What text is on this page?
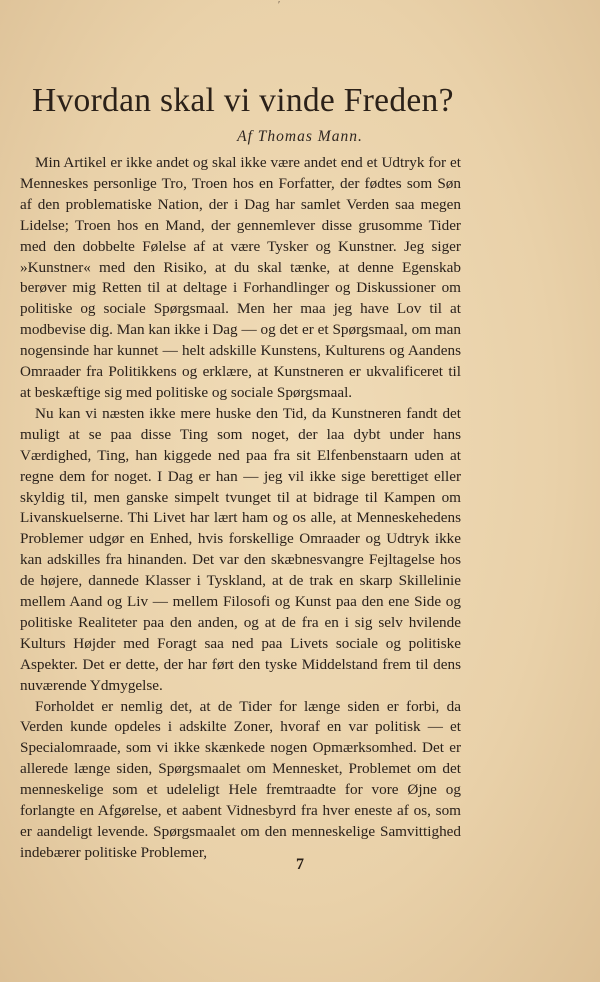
′
Hvordan skal vi vinde Freden?
Af Thomas Mann.

Min Artikel er ikke andet og skal ikke være andet end et Udtryk for et Menneskes personlige Tro, Troen hos en Forfatter, der fødtes som Søn af den problematiske Nation, der i Dag har samlet Verden saa megen Lidelse; Troen hos en Mand, der gennemlever disse grusomme Tider med den dobbelte Følelse af at være Tysker og Kunstner. Jeg siger »Kunstner« med den Risiko, at du skal tænke, at denne Egenskab berøver mig Retten til at deltage i Forhandlinger og Diskussioner om politiske og sociale Spørgsmaal. Men her maa jeg have Lov til at modbevise dig. Man kan ikke i Dag — og det er et Spørgsmaal, om man nogensinde har kunnet — helt adskille Kunstens, Kulturens og Aandens Omraader fra Politikkens og erklære, at Kunstneren er ukvalificeret til at beskæftige sig med politiske og sociale Spørgsmaal.

Nu kan vi næsten ikke mere huske den Tid, da Kunstneren fandt det muligt at se paa disse Ting som noget, der laa dybt under hans Værdighed, Ting, han kiggede ned paa fra sit Elfenbenstaarn uden at regne dem for noget. I Dag er han — jeg vil ikke sige berettiget eller skyldig til, men ganske simpelt tvunget til at bidrage til Kampen om Livanskuelserne. Thi Livet har lært ham og os alle, at Menneskehedens Problemer udgør en Enhed, hvis forskellige Omraader og Udtryk ikke kan adskilles fra hinanden. Det var den skæbnesvangre Fejltagelse hos de højere, dannede Klasser i Tyskland, at de trak en skarp Skillelinie mellem Aand og Liv — mellem Filosofi og Kunst paa den ene Side og politiske Realiteter paa den anden, og at de fra en i sig selv hvilende Kulturs Højder med Foragt saa ned paa Livets sociale og politiske Aspekter. Det er dette, der har ført den tyske Middelstand frem til dens nuværende Ydmygelse.

Forholdet er nemlig det, at de Tider for længe siden er forbi, da Verden kunde opdeles i adskilte Zoner, hvoraf en var politisk — et Specialomraade, som vi ikke skænkede nogen Opmærksomhed. Det er allerede længe siden, Spørgsmaalet om Mennesket, Problemet om det menneskelige som et udeleligt Hele fremtraadte for vore Øjne og forlangte en Afgørelse, et aabent Vidnesbyrd fra hver eneste af os, som er aandeligt levende. Spørgsmaalet om den menneskelige Samvittighed indebærer politiske Problemer,

7
